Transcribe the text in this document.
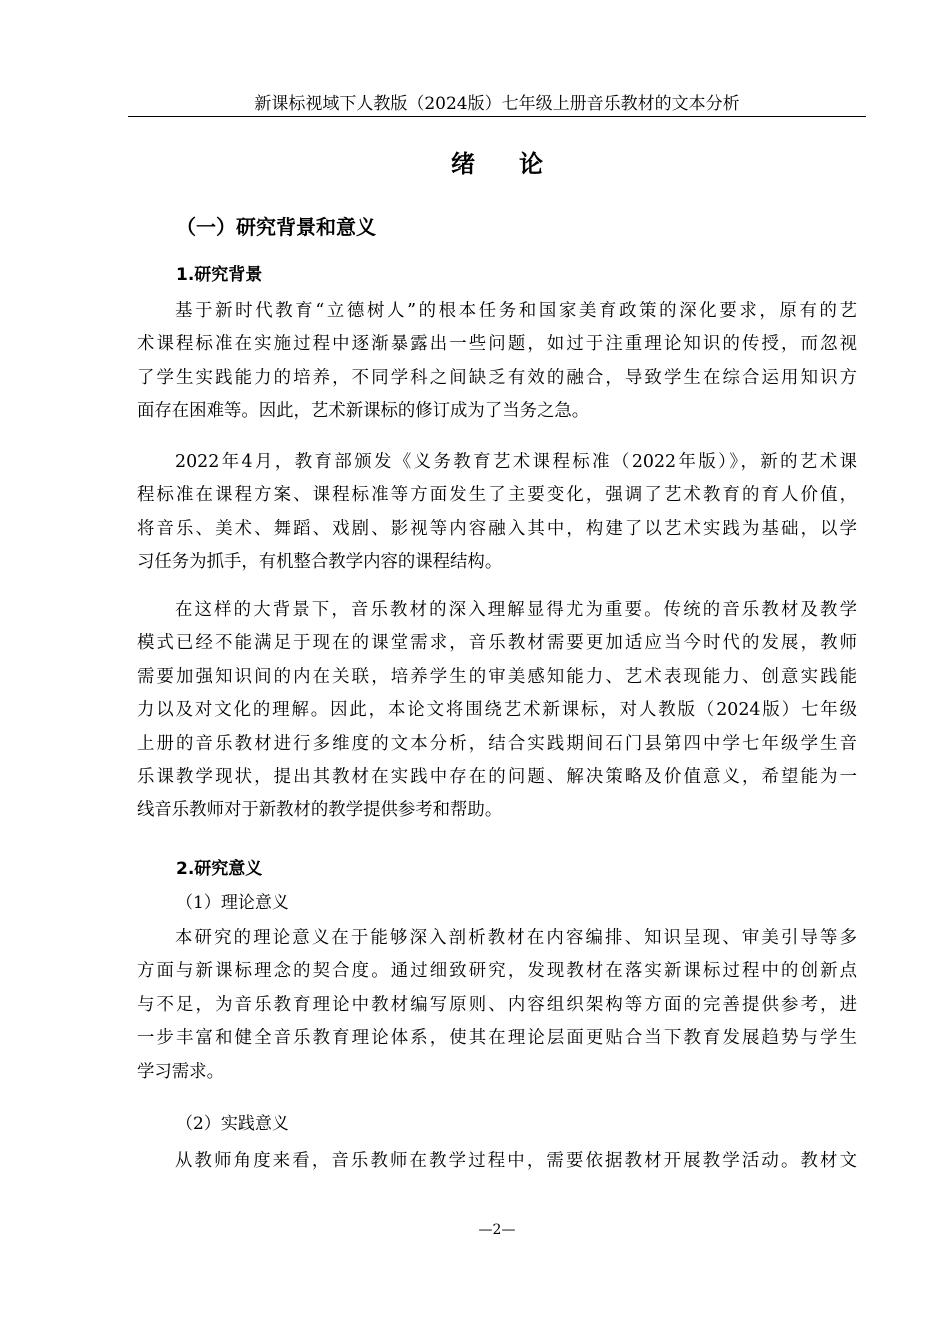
新课标视域下人教版（2024版）七年级上册音乐教材的文本分析
绪论
（一）研究背景和意义
1.研究背景
基于新时代教育“立德树人”的根本任务和国家美育政策的深化要求，原有的艺
术课程标准在实施过程中逐渐暴露出一些问题，如过于注重理论知识的传授，而忽视
了学生实践能力的培养，不同学科之间缺乏有效的融合，导致学生在综合运用知识方
面存在困难等。因此，艺术新课标的修订成为了当务之急。
2022年4月，教育部颁发《义务教育艺术课程标准（2022年版）》，新的艺术课
程标准在课程方案、课程标准等方面发生了主要变化，强调了艺术教育的育人价值，
将音乐、美术、舞蹈、戏剧、影视等内容融入其中，构建了以艺术实践为基础，以学
习任务为抓手，有机整合教学内容的课程结构。
在这样的大背景下，音乐教材的深入理解显得尤为重要。传统的音乐教材及教学
模式已经不能满足于现在的课堂需求，音乐教材需要更加适应当今时代的发展，教师
需要加强知识间的内在关联，培养学生的审美感知能力、艺术表现能力、创意实践能
力以及对文化的理解。因此，本论文将围绕艺术新课标，对人教版（2024版）七年级
上册的音乐教材进行多维度的文本分析，结合实践期间石门县第四中学七年级学生音
乐课教学现状，提出其教材在实践中存在的问题、解决策略及价值意义，希望能为一
线音乐教师对于新教材的教学提供参考和帮助。
2.研究意义
（1）理论意义
本研究的理论意义在于能够深入剖析教材在内容编排、知识呈现、审美引导等多
方面与新课标理念的契合度。通过细致研究，发现教材在落实新课标过程中的创新点
与不足，为音乐教育理论中教材编写原则、内容组织架构等方面的完善提供参考，进
一步丰富和健全音乐教育理论体系，使其在理论层面更贴合当下教育发展趋势与学生
学习需求。
（2）实践意义
从教师角度来看，音乐教师在教学过程中，需要依据教材开展教学活动。教材文
—2—
